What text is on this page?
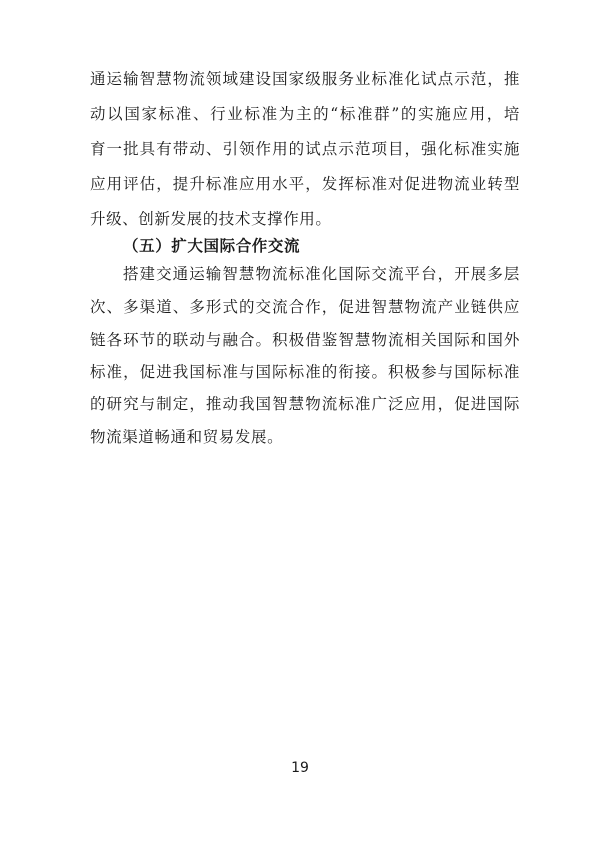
通运输智慧物流领域建设国家级服务业标准化试点示范，推
动以国家标准、行业标准为主的“标准群”的实施应用，培
育一批具有带动、引领作用的试点示范项目，强化标准实施
应用评估，提升标准应用水平，发挥标准对促进物流业转型
升级、创新发展的技术支撑作用。
（五）扩大国际合作交流
搭建交通运输智慧物流标准化国际交流平台，开展多层
次、多渠道、多形式的交流合作，促进智慧物流产业链供应
链各环节的联动与融合。积极借鉴智慧物流相关国际和国外
标准，促进我国标准与国际标准的衔接。积极参与国际标准
的研究与制定，推动我国智慧物流标准广泛应用，促进国际
物流渠道畅通和贸易发展。
19
